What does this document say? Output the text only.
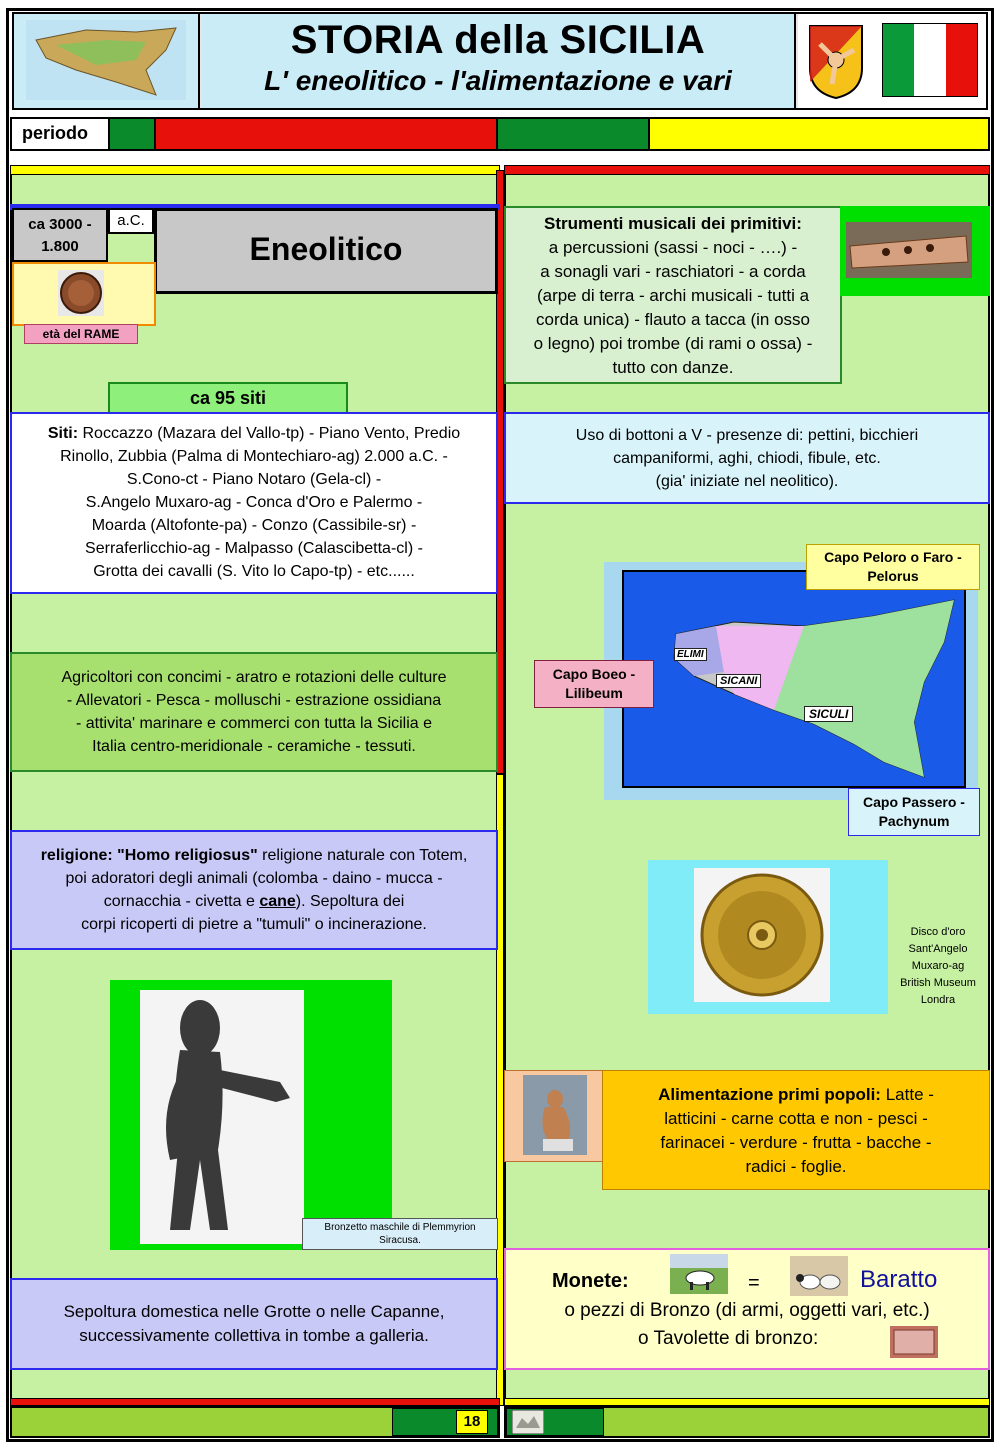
STORIA della SICILIA
L' eneolitico - l'alimentazione e vari
periodo
ca 3000 - 1.800
a.C.
Eneolitico
età del RAME
ca 95 siti
Siti: Roccazzo (Mazara del Vallo-tp) - Piano Vento, Predio
Rinollo, Zubbia (Palma di Montechiaro-ag) 2.000 a.C. -
S.Cono-ct - Piano Notaro (Gela-cl) -
S.Angelo Muxaro-ag - Conca d'Oro e Palermo -
Moarda (Altofonte-pa) - Conzo (Cassibile-sr) -
Serraferlicchio-ag - Malpasso (Calascibetta-cl) -
Grotta dei cavalli (S. Vito lo Capo-tp) - etc......
Agricoltori con concimi - aratro e rotazioni delle culture
- Allevatori - Pesca - molluschi - estrazione ossidiana
- attivita' marinare e commerci con tutta la Sicilia e
Italia centro-meridionale - ceramiche - tessuti.
religione: "Homo religiosus" religione naturale con Totem,
poi adoratori degli animali (colomba - daino - mucca -
cornacchia - civetta e cane). Sepoltura dei
corpi ricoperti di pietre a "tumuli" o incinerazione.
Bronzetto maschile di Plemmyrion Siracusa.
Sepoltura domestica nelle Grotte o nelle Capanne,
successivamente collettiva in tombe a galleria.
Strumenti musicali dei primitivi:
a percussioni (sassi - noci - ….) -
a sonagli vari - raschiatori - a corda
(arpe di terra - archi musicali - tutti a
corda unica) - flauto a tacca (in osso
o legno) poi trombe (di rami o ossa) -
tutto con danze.
Uso di bottoni a V - presenze di: pettini, bicchieri
campaniformi, aghi, chiodi, fibule, etc.
(gia' iniziate nel neolitico).
ELIMI
SICANI
SICULI
Capo Peloro o Faro - Pelorus
Capo Boeo - Lilibeum
Capo Passero - Pachynum
Disco d'oro
Sant'Angelo
Muxaro-ag
British Museum
Londra
Alimentazione primi popoli: Latte -
latticini - carne cotta e non - pesci -
farinacei - verdure - frutta - bacche -
radici - foglie.
Monete:	=	Baratto
o pezzi di Bronzo (di armi, oggetti vari, etc.)
o Tavolette di bronzo:
18
